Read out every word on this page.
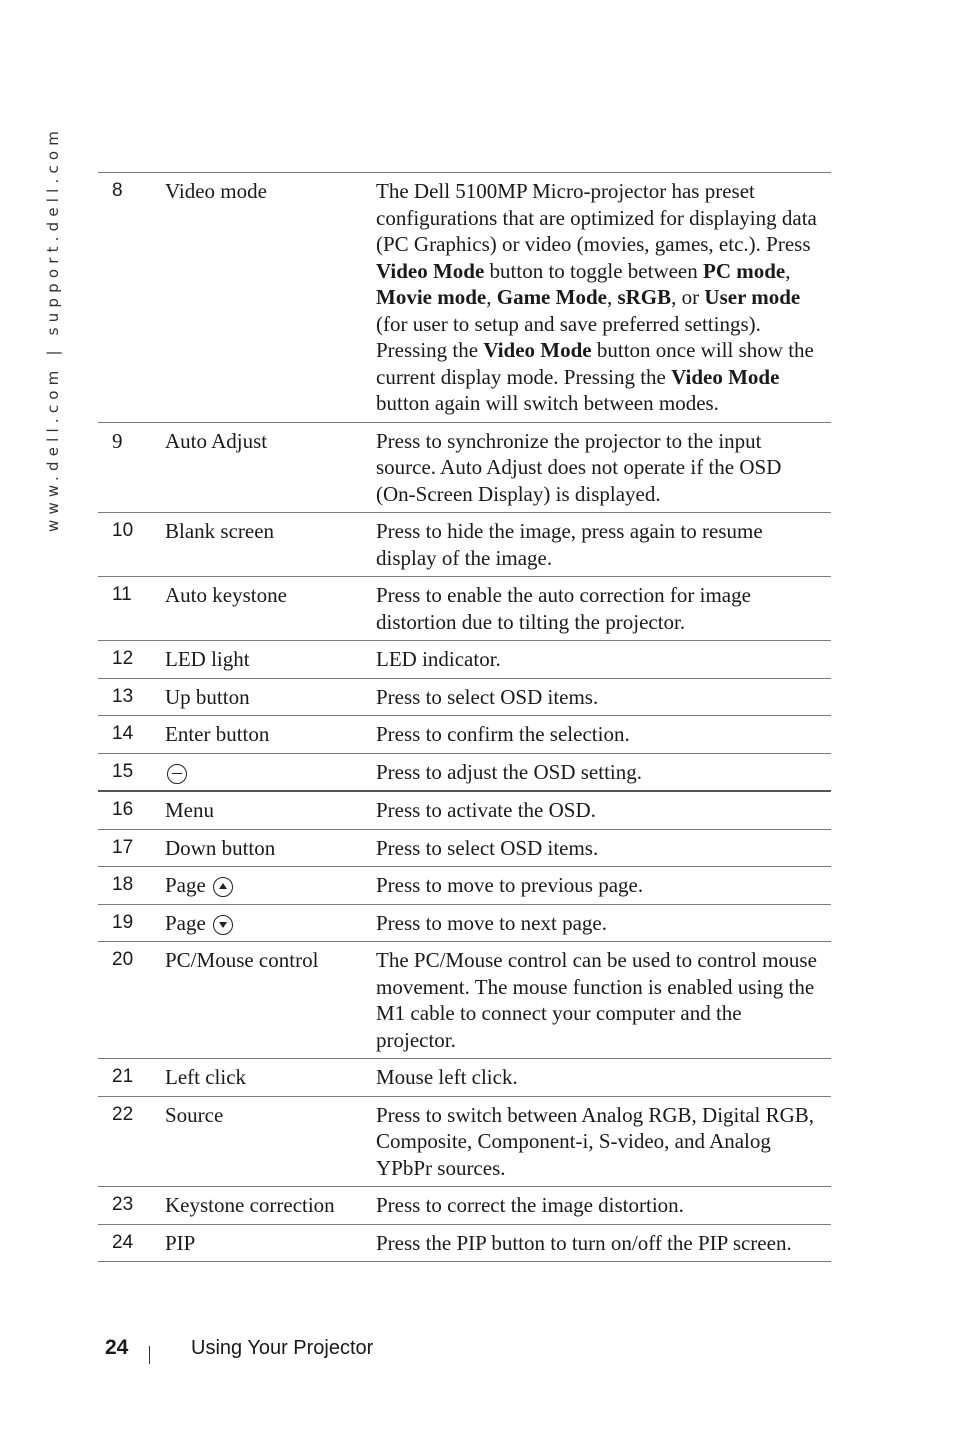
www.dell.com | support.dell.com	8	Video mode	The Dell 5100MP Micro-projector has preset configurations that are optimized for displaying data (PC Graphics) or video (movies, games, etc.). Press Video Mode button to toggle between PC mode, Movie mode, Game Mode, sRGB, or User mode (for user to setup and save preferred settings). Pressing the Video Mode button once will show the current display mode. Pressing the Video Mode button again will switch between modes.
9	Auto Adjust	Press to synchronize the projector to the input source. Auto Adjust does not operate if the OSD (On-Screen Display) is displayed.
10	Blank screen	Press to hide the image, press again to resume display of the image.
11	Auto keystone	Press to enable the auto correction for image distortion due to tilting the projector.
12	LED light	LED indicator.
13	Up button	Press to select OSD items.
14	Enter button	Press to confirm the selection.
15		Press to adjust the OSD setting.
16	Menu	Press to activate the OSD.
17	Down button	Press to select OSD items.
18	Page	Press to move to previous page.
19	Page	Press to move to next page.
20	PC/Mouse control	The PC/Mouse control can be used to control mouse movement. The mouse function is enabled using the M1 cable to connect your computer and the projector.
21	Left click	Mouse left click.
22	Source	Press to switch between Analog RGB, Digital RGB, Composite, Component-i, S-video, and Analog YPbPr sources.
23	Keystone correction	Press to correct the image distortion.
24	PIP	Press the PIP button to turn on/off the PIP screen.
24	Using Your Projector
